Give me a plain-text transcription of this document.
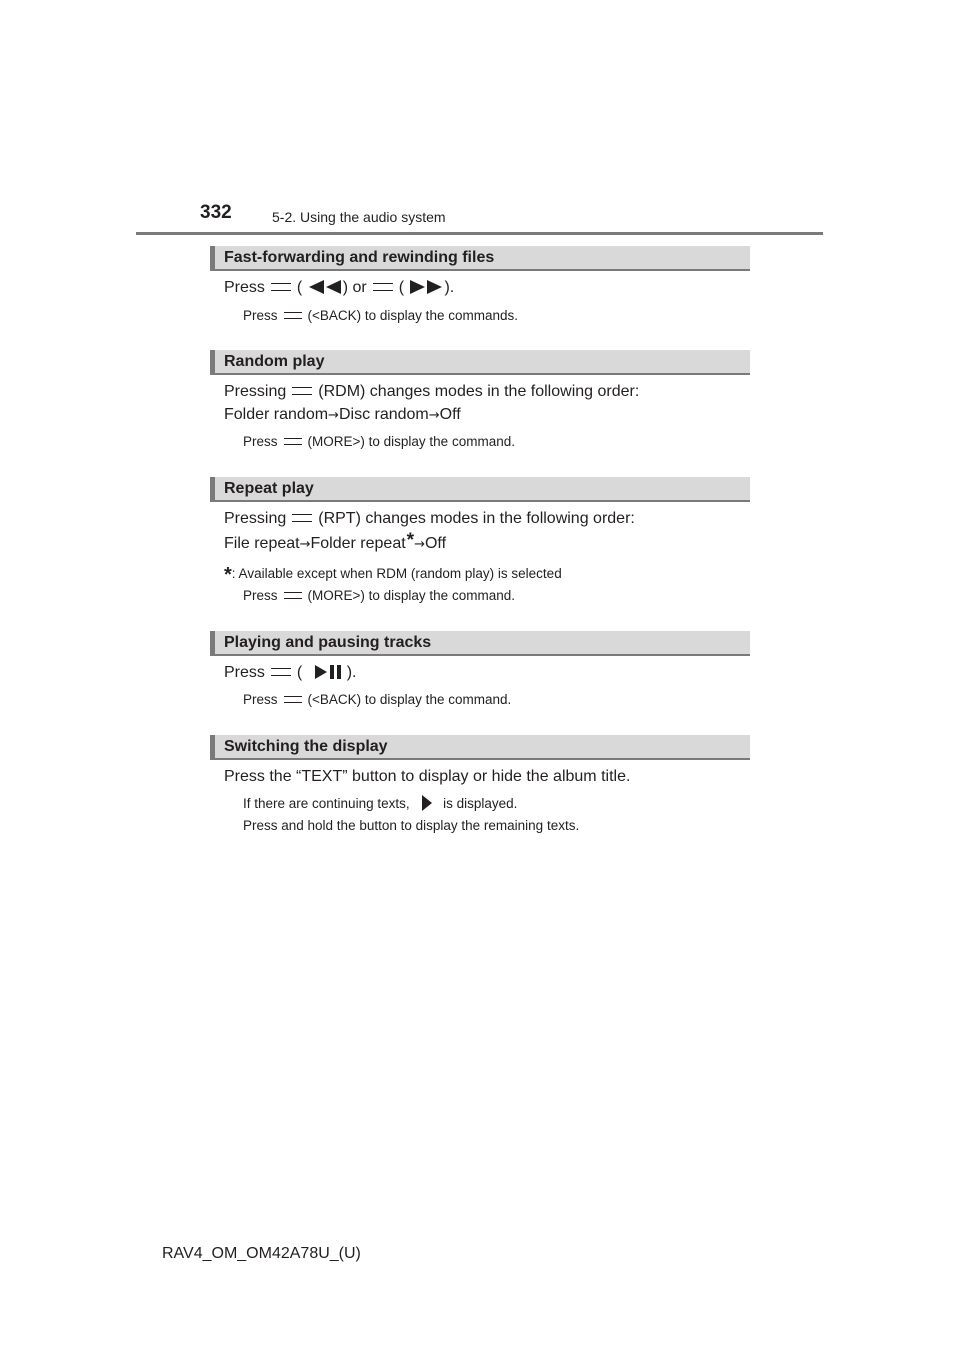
332	5-2. Using the audio system
Fast-forwarding and rewinding files
Press (	) or (	).
Press (<BACK) to display the commands.
Random play
Pressing (RDM) changes modes in the following order:
Folder random→Disc random→Off
Press (MORE>) to display the command.
Repeat play
Pressing (RPT) changes modes in the following order:
File repeat→Folder repeat*→Off
*: Available except when RDM (random play) is selected
Press (MORE>) to display the command.
Playing and pausing tracks
Press (	).
Press (<BACK) to display the command.
Switching the display
Press the “TEXT” button to display or hide the album title.
If there are continuing texts, is displayed.
Press and hold the button to display the remaining texts.
RAV4_OM_OM42A78U_(U)
